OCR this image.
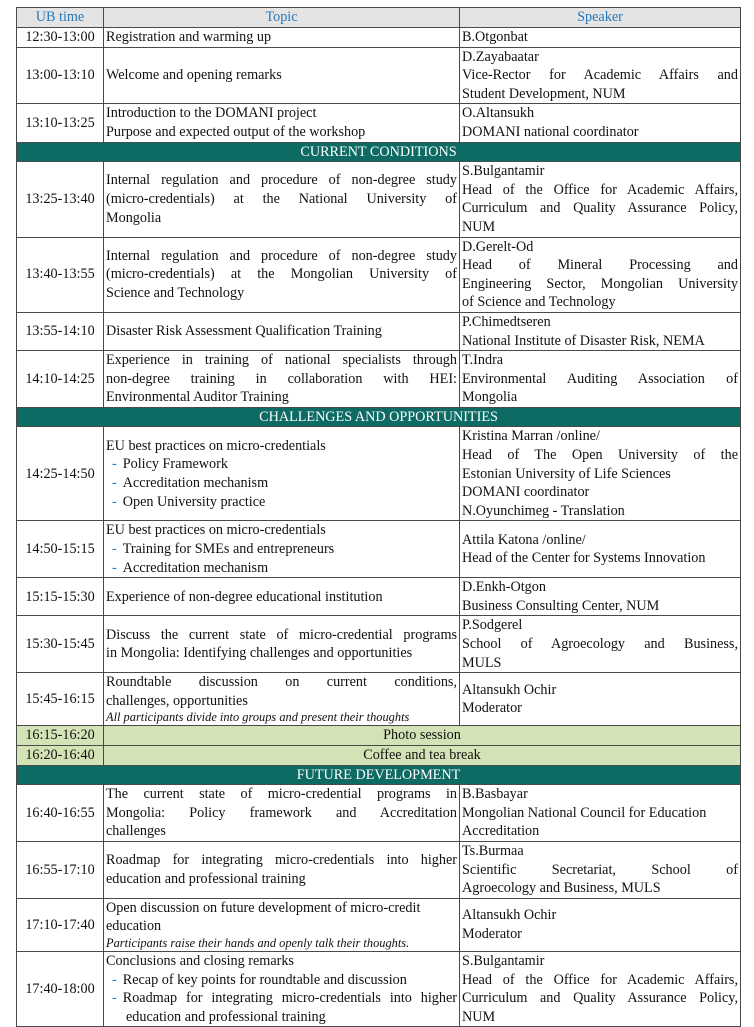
UB time	Topic	Speaker
12:30-13:00	Registration and warming up	B.Otgonbat

13:00-13:10	Welcome and opening remarks	D.Zayabaatar
Vice-Rector for Academic Affairs and
Student Development, NUM

13:10-13:25	Introduction to the DOMANI project
Purpose and expected output of the workshop	O.Altansukh
DOMANI national coordinator

CURRENT CONDITIONS		
13:25-13:40	Internal regulation and procedure of non-degree study
(micro-credentials) at the National University of
Mongolia	S.Bulgantamir
Head of the Office for Academic Affairs,
Curriculum and Quality Assurance Policy,
NUM

13:40-13:55	Internal regulation and procedure of non-degree study
(micro-credentials) at the Mongolian University of
Science and Technology	D.Gerelt-Od
Head of Mineral Processing and
Engineering Sector, Mongolian University
of Science and Technology

13:55-14:10	Disaster Risk Assessment Qualification Training	P.Chimedtseren
National Institute of Disaster Risk, NEMA

14:10-14:25	Experience in training of national specialists through
non-degree training in collaboration with HEI:
Environmental Auditor Training	T.Indra
Environmental Auditing Association of
Mongolia

CHALLENGES AND OPPORTUNITIES		
14:25-14:50	EU best practices on micro-credentials
- Policy Framework
- Accreditation mechanism
- Open University practice	Kristina Marran /online/
Head of The Open University of the
Estonian University of Life Sciences
DOMANI coordinator
N.Oyunchimeg - Translation

14:50-15:15	EU best practices on micro-credentials
- Training for SMEs and entrepreneurs
- Accreditation mechanism	Attila Katona /online/
Head of the Center for Systems Innovation

15:15-15:30	Experience of non-degree educational institution	D.Enkh-Otgon
Business Consulting Center, NUM

15:30-15:45	Discuss the current state of micro-credential programs
in Mongolia: Identifying challenges and opportunities	P.Sodgerel
School of Agroecology and Business,
MULS

15:45-16:15	Roundtable discussion on current conditions,
challenges, opportunities
All participants divide into groups and present their thoughts	Altansukh Ochir
Moderator

16:15-16:20	Photo session	
16:20-16:40	Coffee and tea break	
FUTURE DEVELOPMENT		
16:40-16:55	The current state of micro-credential programs in
Mongolia: Policy framework and Accreditation
challenges	B.Basbayar
Mongolian National Council for Education
Accreditation

16:55-17:10	Roadmap for integrating micro-credentials into higher
education and professional training	Ts.Burmaa
Scientific Secretariat, School of
Agroecology and Business, MULS

17:10-17:40	Open discussion on future development of micro-credit
education
Participants raise their hands and openly talk their thoughts.	Altansukh Ochir
Moderator

17:40-18:00	Conclusions and closing remarks
- Recap of key points for roundtable and discussion
- Roadmap for integrating micro-credentials into higher education and professional training	S.Bulgantamir
Head of the Office for Academic Affairs,
Curriculum and Quality Assurance Policy,
NUM
